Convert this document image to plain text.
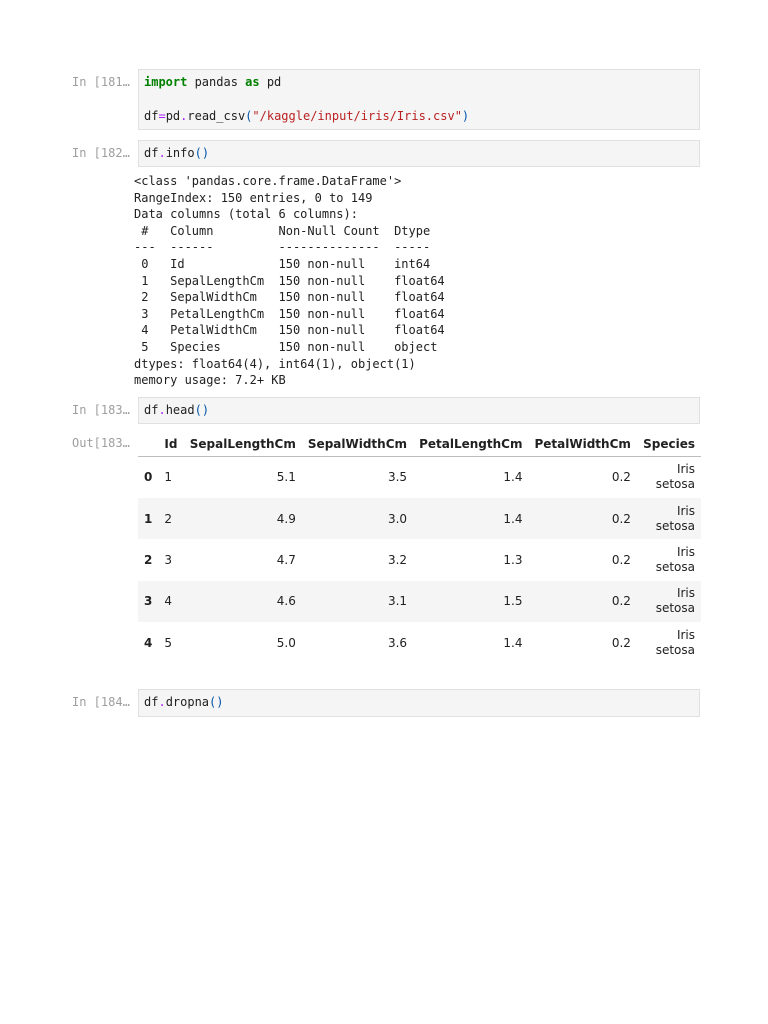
In [181…	import pandas as pd

df=pd.read_csv("/kaggle/input/iris/Iris.csv")
In [182…	df.info()
<class 'pandas.core.frame.DataFrame'>
RangeIndex: 150 entries, 0 to 149
Data columns (total 6 columns):
#   Column         Non-Null Count  Dtype
---  ------         --------------  -----
0   Id             150 non-null    int64
1   SepalLengthCm  150 non-null    float64
2   SepalWidthCm   150 non-null    float64
3   PetalLengthCm  150 non-null    float64
4   PetalWidthCm   150 non-null    float64
5   Species        150 non-null    object
dtypes: float64(4), int64(1), object(1)
memory usage: 7.2+ KB
In [183…	df.head()
Out[183…
		Id	SepalLengthCm	SepalWidthCm	PetalLengthCm	PetalWidthCm	Species
0	1	5.1	3.5	1.4	0.2	Iris
setosa
1	2	4.9	3.0	1.4	0.2	Iris
setosa
2	3	4.7	3.2	1.3	0.2	Iris
setosa
3	4	4.6	3.1	1.5	0.2	Iris
setosa
4	5	5.0	3.6	1.4	0.2	Iris
setosa
In [184…	df.dropna()
